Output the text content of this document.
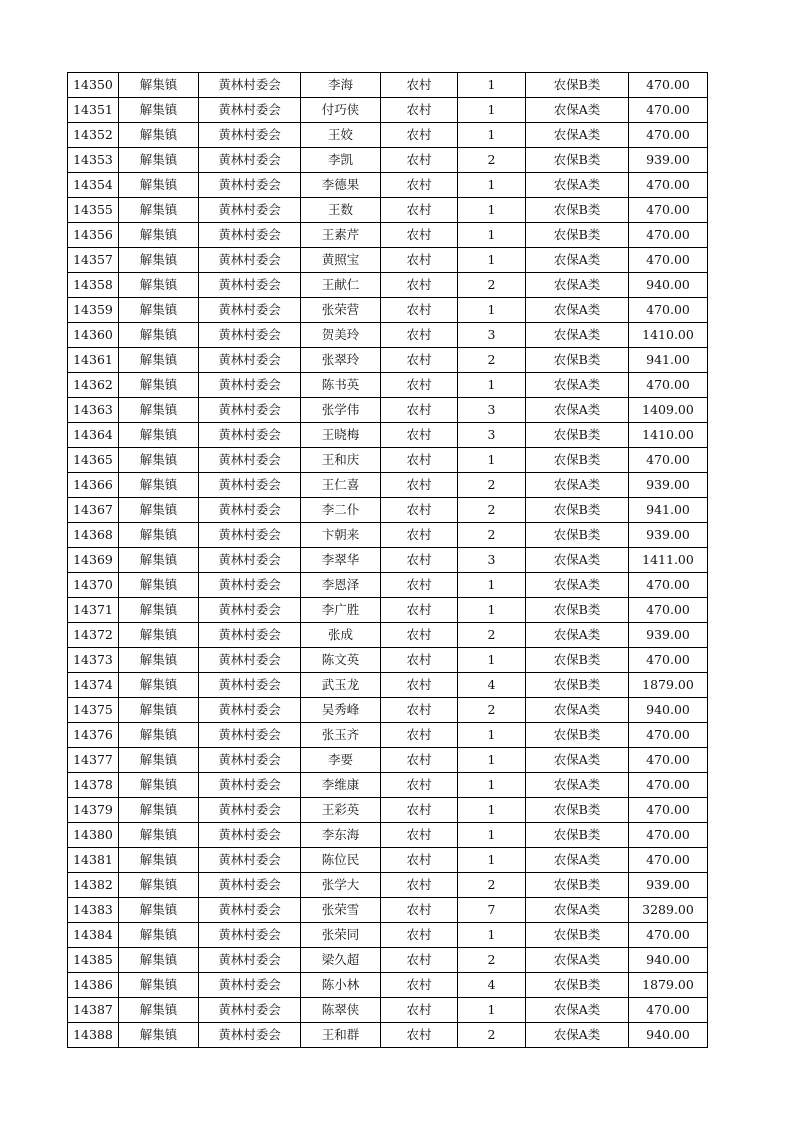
14350	解集镇	黄林村委会	李海	农村	1	农保B类	470.00
14351	解集镇	黄林村委会	付巧侠	农村	1	农保A类	470.00
14352	解集镇	黄林村委会	王姣	农村	1	农保A类	470.00
14353	解集镇	黄林村委会	李凯	农村	2	农保B类	939.00
14354	解集镇	黄林村委会	李德果	农村	1	农保A类	470.00
14355	解集镇	黄林村委会	王数	农村	1	农保B类	470.00
14356	解集镇	黄林村委会	王素芹	农村	1	农保B类	470.00
14357	解集镇	黄林村委会	黄照宝	农村	1	农保A类	470.00
14358	解集镇	黄林村委会	王献仁	农村	2	农保A类	940.00
14359	解集镇	黄林村委会	张荣营	农村	1	农保A类	470.00
14360	解集镇	黄林村委会	贺美玲	农村	3	农保A类	1410.00
14361	解集镇	黄林村委会	张翠玲	农村	2	农保B类	941.00
14362	解集镇	黄林村委会	陈书英	农村	1	农保A类	470.00
14363	解集镇	黄林村委会	张学伟	农村	3	农保A类	1409.00
14364	解集镇	黄林村委会	王晓梅	农村	3	农保B类	1410.00
14365	解集镇	黄林村委会	王和庆	农村	1	农保B类	470.00
14366	解集镇	黄林村委会	王仁喜	农村	2	农保A类	939.00
14367	解集镇	黄林村委会	李二仆	农村	2	农保B类	941.00
14368	解集镇	黄林村委会	卞朝来	农村	2	农保B类	939.00
14369	解集镇	黄林村委会	李翠华	农村	3	农保A类	1411.00
14370	解集镇	黄林村委会	李恩泽	农村	1	农保A类	470.00
14371	解集镇	黄林村委会	李广胜	农村	1	农保B类	470.00
14372	解集镇	黄林村委会	张成	农村	2	农保A类	939.00
14373	解集镇	黄林村委会	陈文英	农村	1	农保B类	470.00
14374	解集镇	黄林村委会	武玉龙	农村	4	农保B类	1879.00
14375	解集镇	黄林村委会	吴秀峰	农村	2	农保A类	940.00
14376	解集镇	黄林村委会	张玉齐	农村	1	农保B类	470.00
14377	解集镇	黄林村委会	李要	农村	1	农保A类	470.00
14378	解集镇	黄林村委会	李维康	农村	1	农保A类	470.00
14379	解集镇	黄林村委会	王彩英	农村	1	农保B类	470.00
14380	解集镇	黄林村委会	李东海	农村	1	农保B类	470.00
14381	解集镇	黄林村委会	陈位民	农村	1	农保A类	470.00
14382	解集镇	黄林村委会	张学大	农村	2	农保B类	939.00
14383	解集镇	黄林村委会	张荣雪	农村	7	农保A类	3289.00
14384	解集镇	黄林村委会	张荣同	农村	1	农保B类	470.00
14385	解集镇	黄林村委会	梁久超	农村	2	农保A类	940.00
14386	解集镇	黄林村委会	陈小林	农村	4	农保B类	1879.00
14387	解集镇	黄林村委会	陈翠侠	农村	1	农保A类	470.00
14388	解集镇	黄林村委会	王和群	农村	2	农保A类	940.00
